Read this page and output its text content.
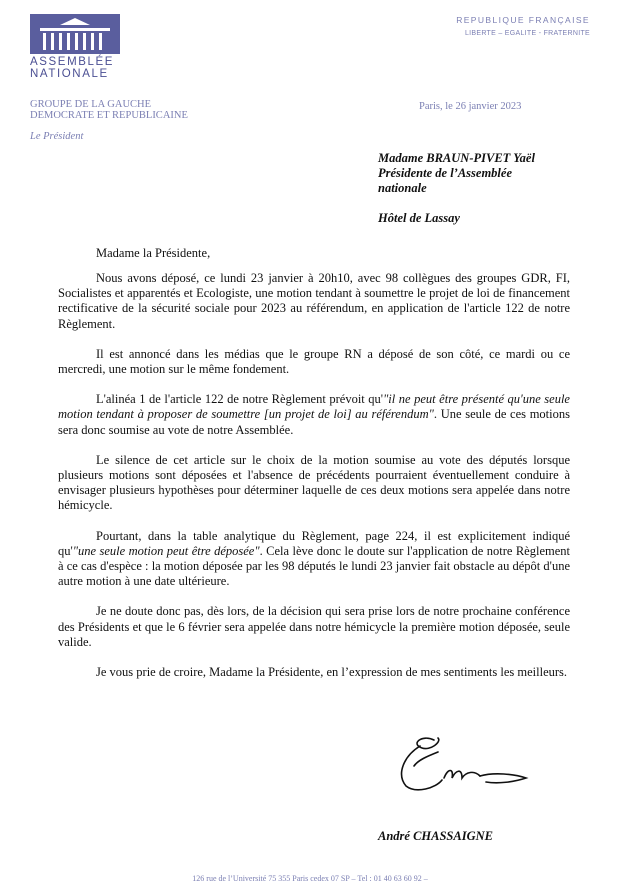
ASSEMBLÉE
NATIONALE
REPUBLIQUE FRANÇAISE
LIBERTE – EGALITE - FRATERNITE
GROUPE DE LA GAUCHE
DEMOCRATE ET REPUBLICAINE
Le Président
Paris, le 26 janvier 2023
Madame BRAUN-PIVET Yaël
Présidente de l’Assemblée
nationale
Hôtel de Lassay
Madame la Présidente,

Nous avons déposé, ce lundi 23 janvier à 20h10, avec 98 collègues des groupes GDR, FI, Socialistes et apparentés et Ecologiste, une motion tendant à soumettre le projet de loi de financement rectificative de la sécurité sociale pour 2023 au référendum, en application de l'article 122 de notre Règlement.

Il est annoncé dans les médias que le groupe RN a déposé de son côté, ce mardi ou ce mercredi, une motion sur le même fondement.

L'alinéa 1 de l'article 122 de notre Règlement prévoit qu'"il ne peut être présenté qu'une seule motion tendant à proposer de soumettre [un projet de loi] au référendum". Une seule de ces motions sera donc soumise au vote de notre Assemblée.

Le silence de cet article sur le choix de la motion soumise au vote des députés lorsque plusieurs motions sont déposées et l'absence de précédents pourraient éventuellement conduire à envisager plusieurs hypothèses pour déterminer laquelle de ces deux motions sera appelée dans notre hémicycle.

Pourtant, dans la table analytique du Règlement, page 224, il est explicitement indiqué qu'"une seule motion peut être déposée". Cela lève donc le doute sur l'application de notre Règlement à ce cas d'espèce : la motion déposée par les 98 députés le lundi 23 janvier fait obstacle au dépôt d'une autre motion à une date ultérieure.

Je ne doute donc pas, dès lors, de la décision qui sera prise lors de notre prochaine conférence des Présidents et que le 6 février sera appelée dans notre hémicycle la première motion déposée, seule valide.

Je vous prie de croire, Madame la Présidente, en l’expression de mes sentiments les meilleurs.

André CHASSAIGNE
126 rue de l’Université 75 355 Paris cedex 07 SP – Tel : 01 40 63 60 92 –
